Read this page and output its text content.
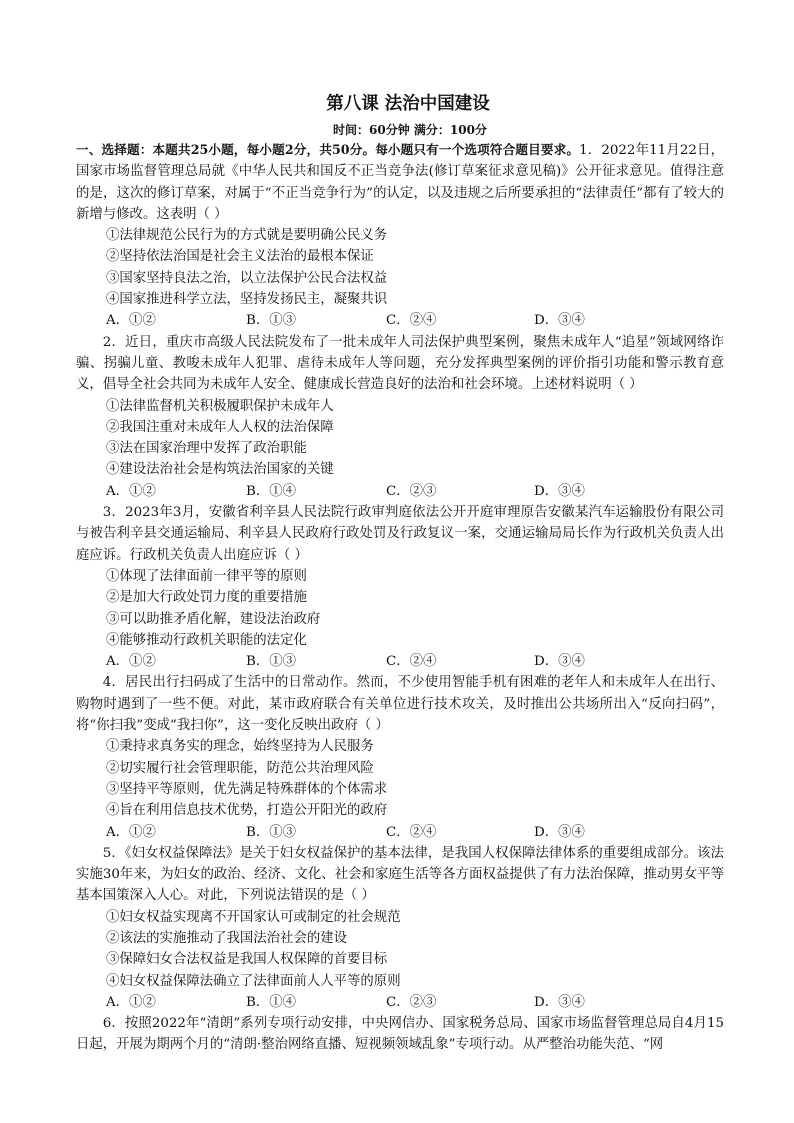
第八课 法治中国建设
时间：60分钟 满分：100分
一、选择题：本题共25小题，每小题2分，共50分。每小题只有一个选项符合题目要求。1．2022年11月22日，国家市场监督管理总局就《中华人民共和国反不正当竞争法(修订草案征求意见稿)》公开征求意见。值得注意的是，这次的修订草案，对属于“不正当竞争行为”的认定，以及违规之后所要承担的“法律责任”都有了较大的新增与修改。这表明（ ）
①法律规范公民行为的方式就是要明确公民义务
②坚持依法治国是社会主义法治的最根本保证
③国家坚持良法之治，以立法保护公民合法权益
④国家推进科学立法，坚持发扬民主，凝聚共识
A．①②	B．①③	C．②④	D．③④
2．近日，重庆市高级人民法院发布了一批未成年人司法保护典型案例，聚焦未成年人“追星”领域网络诈骗、拐骗儿童、教唆未成年人犯罪、虐待未成年人等问题，充分发挥典型案例的评价指引功能和警示教育意义，倡导全社会共同为未成年人安全、健康成长营造良好的法治和社会环境。上述材料说明（ ）
①法律监督机关积极履职保护未成年人
②我国注重对未成年人人权的法治保障
③法在国家治理中发挥了政治职能
④建设法治社会是构筑法治国家的关键
A．①②	B．①④	C．②③	D．③④
3．2023年3月，安徽省利辛县人民法院行政审判庭依法公开开庭审理原告安徽某汽车运输股份有限公司与被告利辛县交通运输局、利辛县人民政府行政处罚及行政复议一案，交通运输局局长作为行政机关负责人出庭应诉。行政机关负责人出庭应诉（ ）
①体现了法律面前一律平等的原则
②是加大行政处罚力度的重要措施
③可以助推矛盾化解，建设法治政府
④能够推动行政机关职能的法定化
A．①②	B．①③	C．②④	D．③④
4．居民出行扫码成了生活中的日常动作。然而，不少使用智能手机有困难的老年人和未成年人在出行、购物时遇到了一些不便。对此，某市政府联合有关单位进行技术攻关，及时推出公共场所出入“反向扫码”，将“你扫我”变成“我扫你”，这一变化反映出政府（ ）
①秉持求真务实的理念，始终坚持为人民服务
②切实履行社会管理职能，防范公共治理风险
③坚持平等原则，优先满足特殊群体的个体需求
④旨在利用信息技术优势，打造公开阳光的政府
A．①②	B．①③	C．②④	D．③④
5．《妇女权益保障法》是关于妇女权益保护的基本法律，是我国人权保障法律体系的重要组成部分。该法实施30年来，为妇女的政治、经济、文化、社会和家庭生活等各方面权益提供了有力法治保障，推动男女平等基本国策深入人心。对此，下列说法错误的是（ ）
①妇女权益实现离不开国家认可或制定的社会规范
②该法的实施推动了我国法治社会的建设
③保障妇女合法权益是我国人权保障的首要目标
④妇女权益保障法确立了法律面前人人平等的原则
A．①②	B．①④	C．②③	D．③④
6．按照2022年“清朗”系列专项行动安排，中央网信办、国家税务总局、国家市场监督管理总局自4月15日起，开展为期两个月的“清朗·整治网络直播、短视频领域乱象”专项行动。从严整治功能失范、“网
